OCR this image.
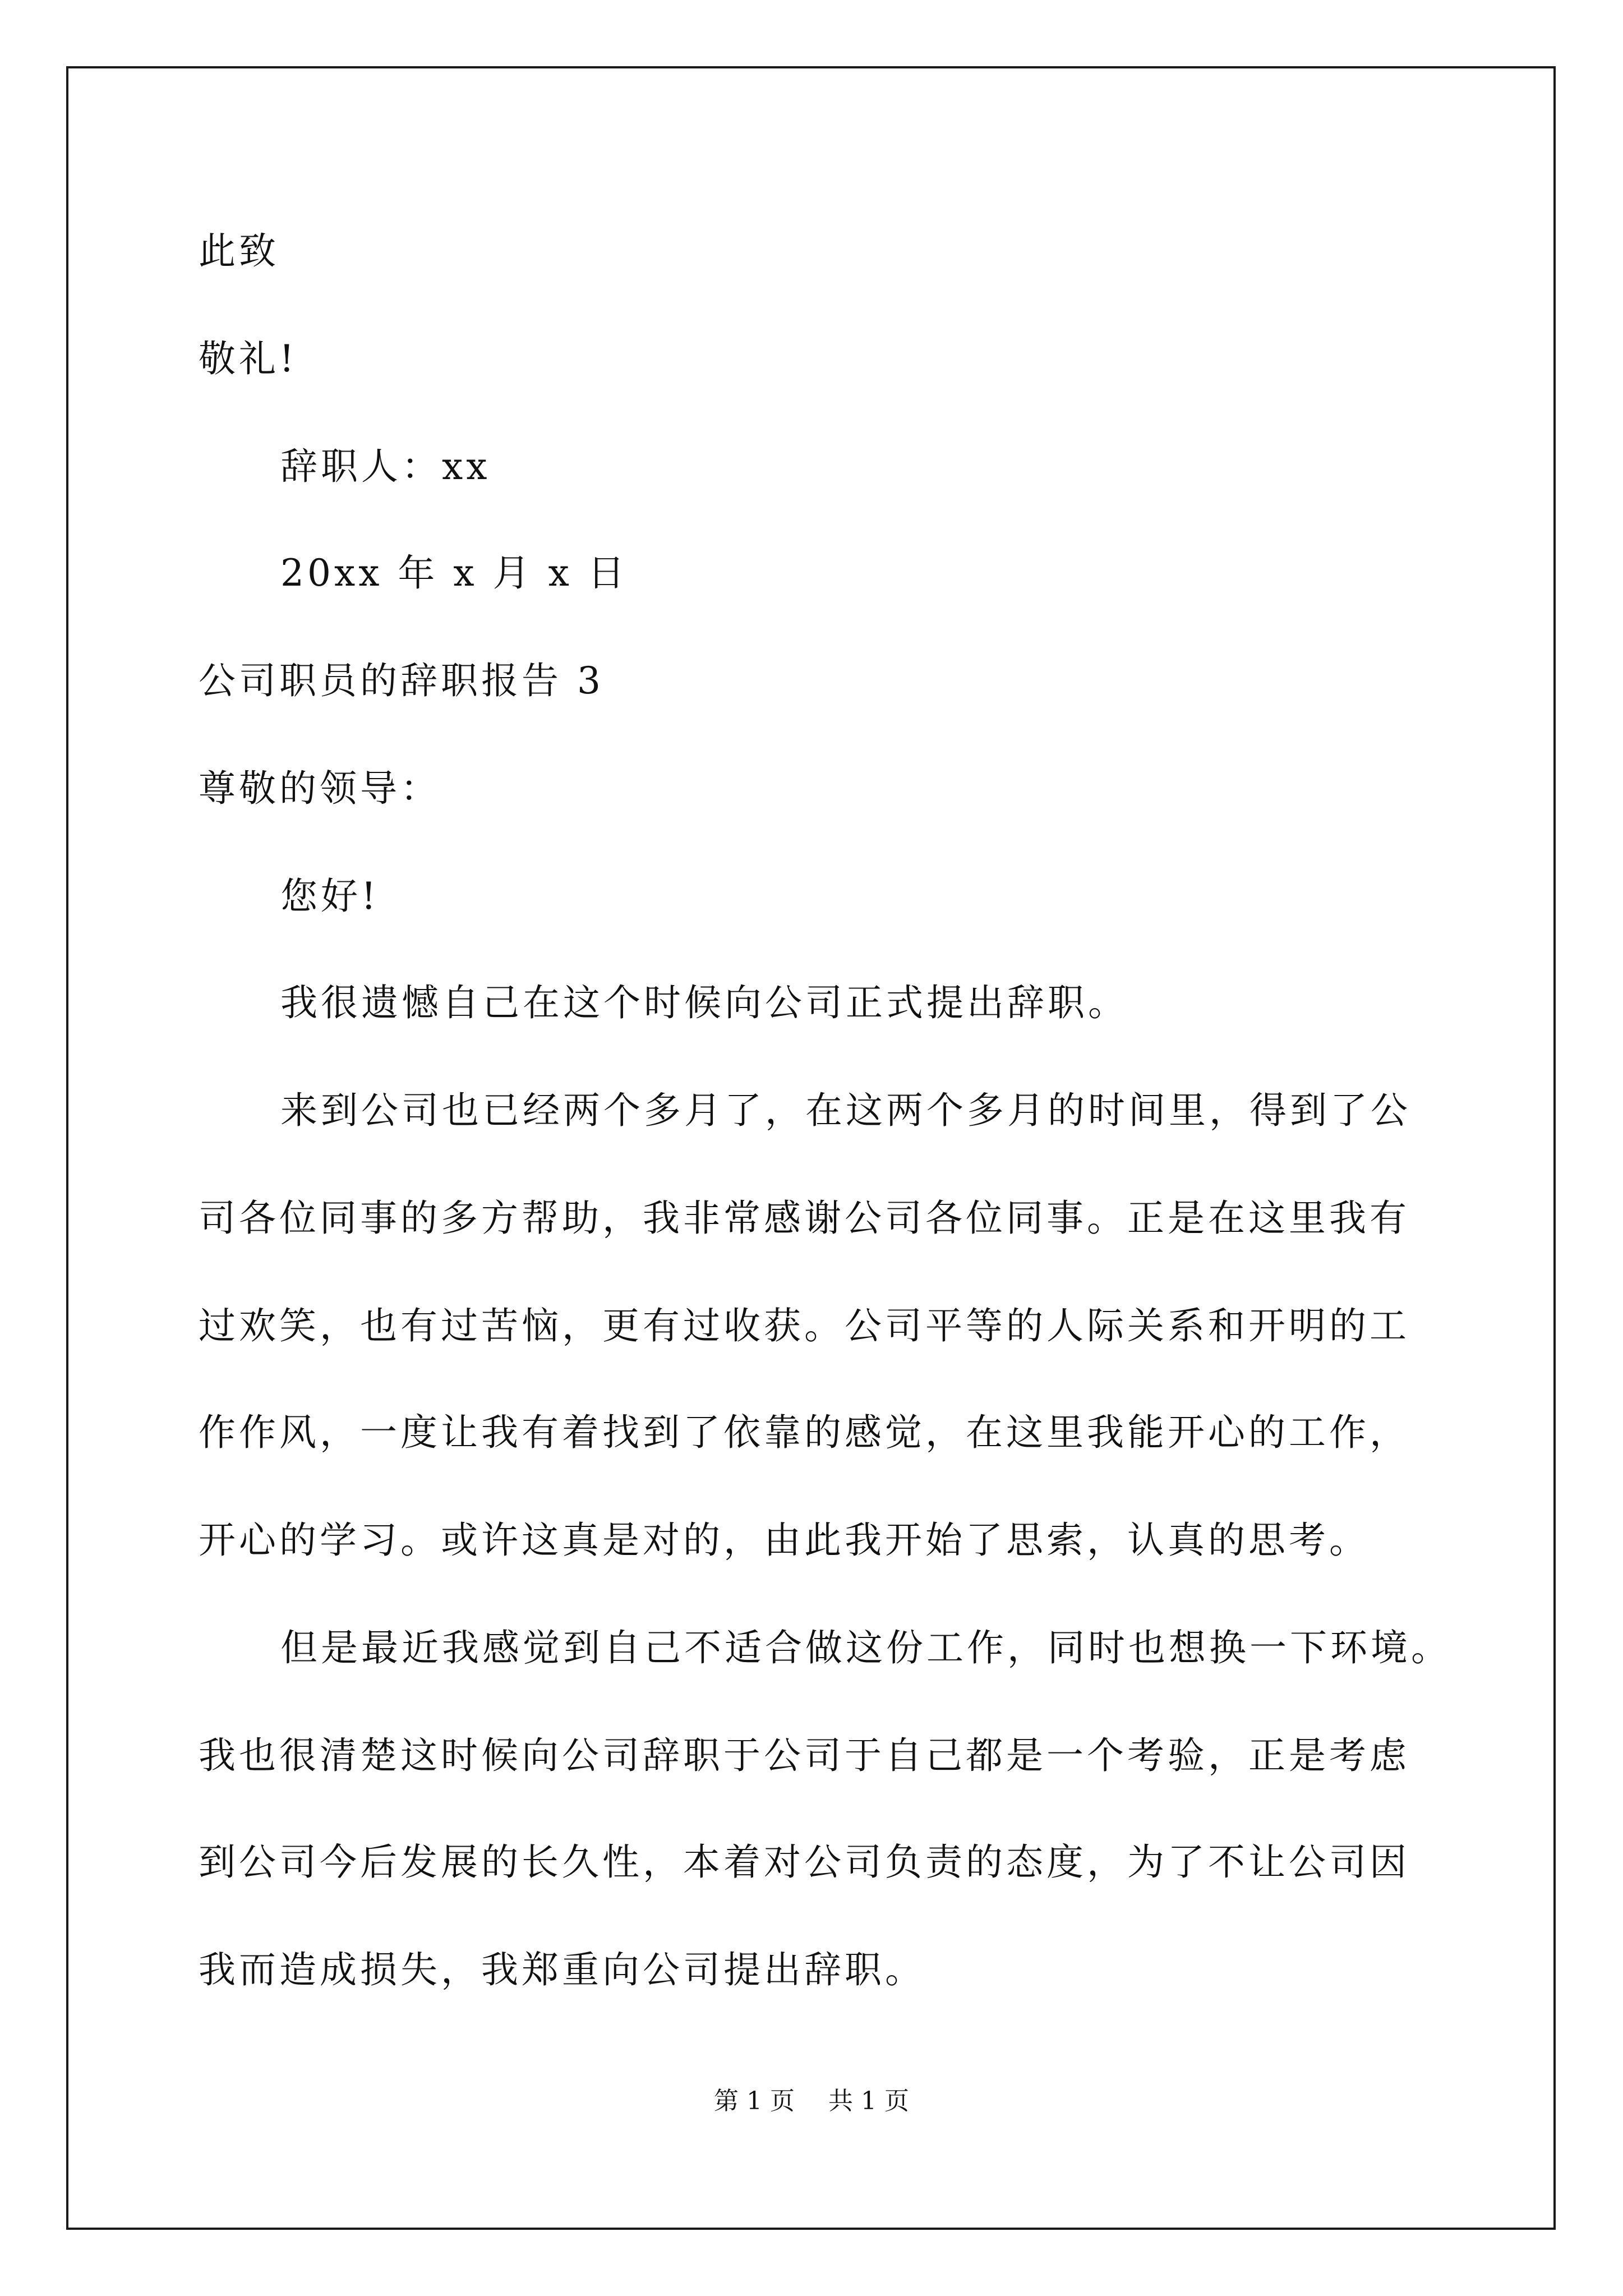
此致
敬礼!
辞职人：xx
20xx 年 x 月 x 日
公司职员的辞职报告 3
尊敬的领导：
您好!
我很遗憾自己在这个时候向公司正式提出辞职。
来到公司也已经两个多月了，在这两个多月的时间里，得到了公
司各位同事的多方帮助，我非常感谢公司各位同事。正是在这里我有
过欢笑，也有过苦恼，更有过收获。公司平等的人际关系和开明的工
作作风，一度让我有着找到了依靠的感觉，在这里我能开心的工作，
开心的学习。或许这真是对的，由此我开始了思索，认真的思考。
但是最近我感觉到自己不适合做这份工作，同时也想换一下环境。
我也很清楚这时候向公司辞职于公司于自己都是一个考验，正是考虑
到公司今后发展的长久性，本着对公司负责的态度，为了不让公司因
我而造成损失，我郑重向公司提出辞职。
第 1 页 共 1 页
